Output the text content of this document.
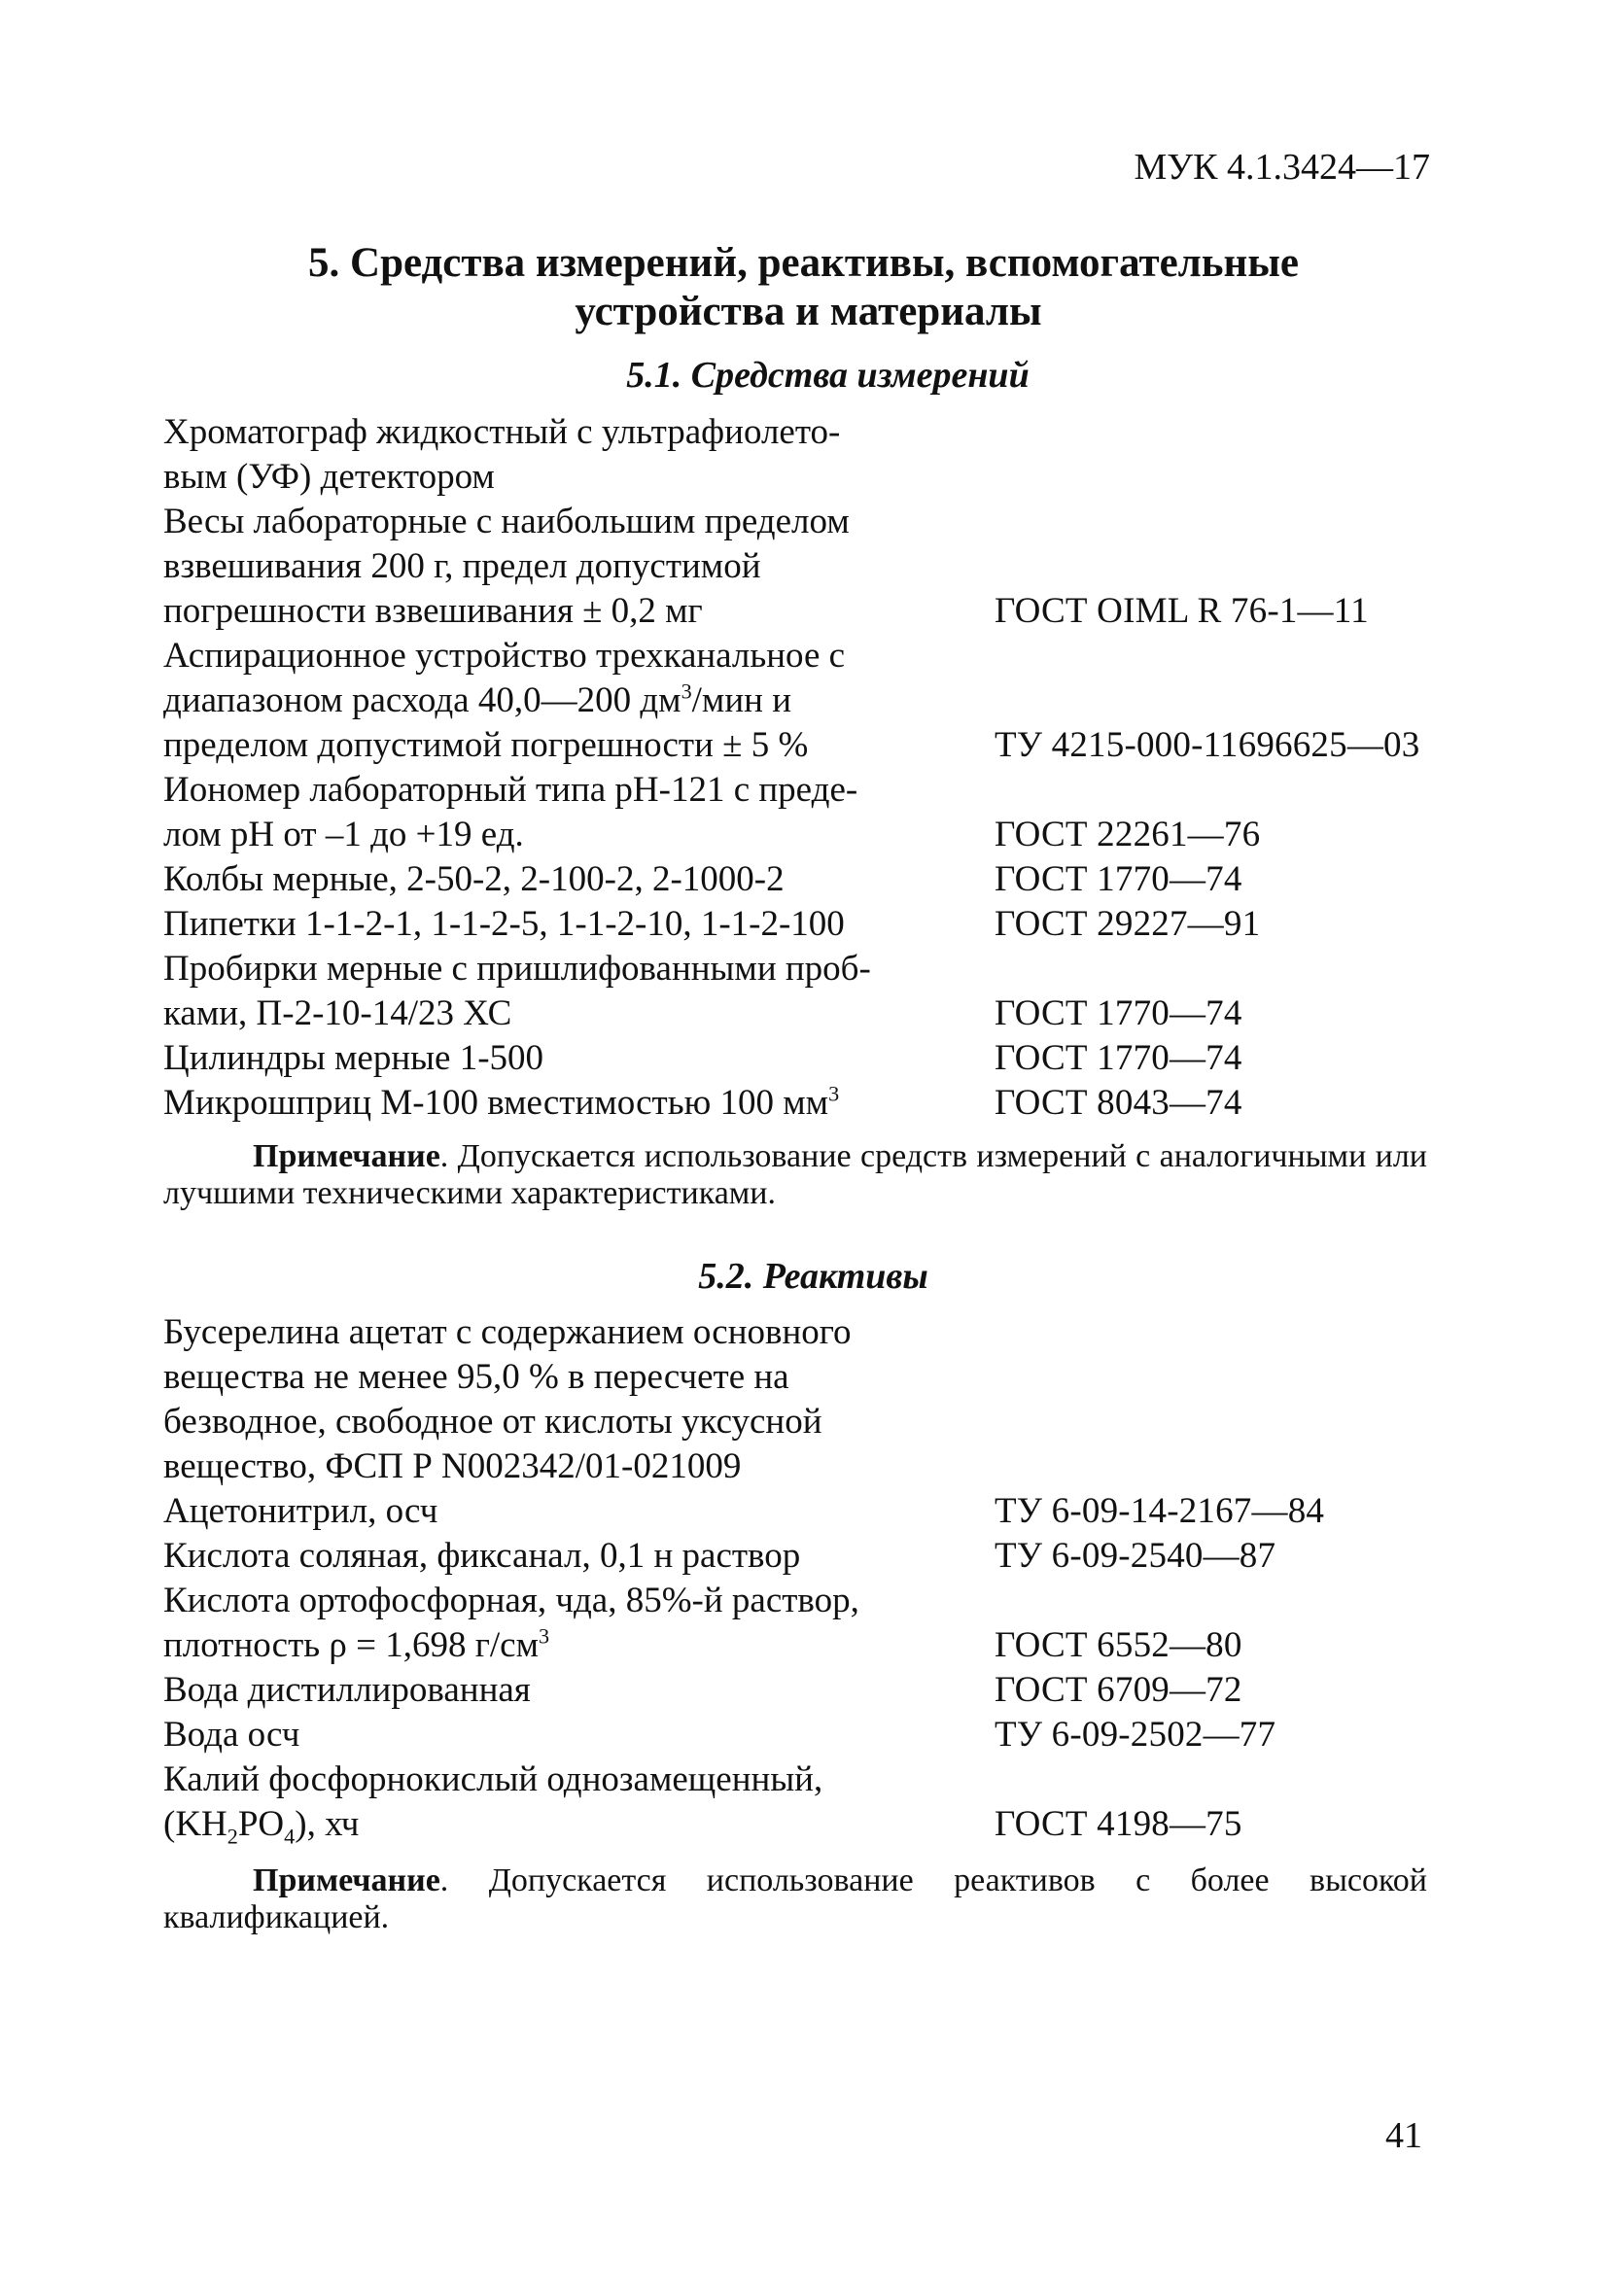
МУК 4.1.3424—17
5. Средства измерений, реактивы, вспомогательные
устройства и материалы
5.1. Средства измерений
Хроматограф жидкостный с ультрафиолето-
вым (УФ) детектором
Весы лабораторные с наибольшим пределом
взвешивания 200 г, предел допустимой
погрешности взвешивания ± 0,2 мг	ГОСТ OIML R 76-1—11
Аспирационное устройство трехканальное с
диапазоном расхода 40,0—200 $дм^3$/мин и
пределом допустимой погрешности ± 5 %	ТУ 4215-000-11696625—03
Иономер лабораторный типа рН-121 с преде-
лом рН от –1 до +19 ед.	ГОСТ 22261—76
Колбы мерные, 2-50-2, 2-100-2, 2-1000-2	ГОСТ 1770—74
Пипетки 1-1-2-1, 1-1-2-5, 1-1-2-10, 1-1-2-100	ГОСТ 29227—91
Пробирки мерные с пришлифованными проб-
ками, П-2-10-14/23 ХС	ГОСТ 1770—74
Цилиндры мерные 1-500	ГОСТ 1770—74
Микрошприц М-100 вместимостью 100 $мм^3$	ГОСТ 8043—74
Примечание. Допускается использование средств измерений с аналогичными или лучшими техническими характеристиками.
5.2. Реактивы
Бусерелина ацетат с содержанием основного
вещества не менее 95,0 % в пересчете на
безводное, свободное от кислоты уксусной
вещество, ФСП Р N002342/01-021009
Ацетонитрил, осч	ТУ 6-09-14-2167—84
Кислота соляная, фиксанал, 0,1 н раствор	ТУ 6-09-2540—87
Кислота ортофосфорная, чда, 85%-й раствор,
плотность ρ = 1,698 $г/см^3$	ГОСТ 6552—80
Вода дистиллированная	ГОСТ 6709—72
Вода осч	ТУ 6-09-2502—77
Калий фосфорнокислый однозамещенный,
$(KH_2PO_4)$, хч	ГОСТ 4198—75
Примечание. Допускается использование реактивов с более высокой квалификацией.
41
